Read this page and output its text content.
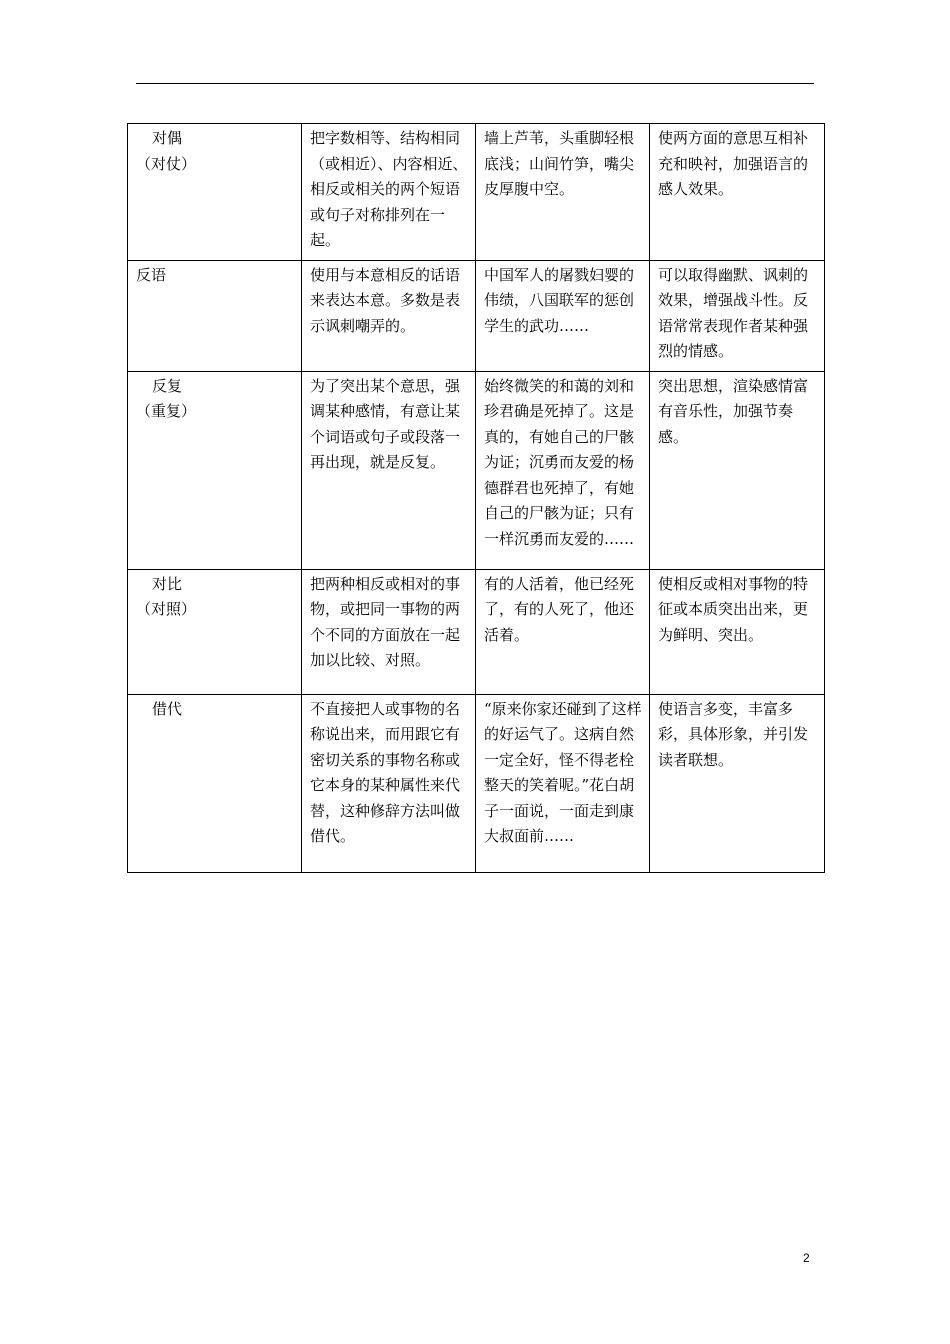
对偶
（对仗）	把字数相等、结构相同（或相近）、内容相近、相反或相关的两个短语或句子对称排列在一起。	墙上芦苇，头重脚轻根底浅；山间竹笋，嘴尖皮厚腹中空。	使两方面的意思互相补充和映衬，加强语言的感人效果。

反语	使用与本意相反的话语来表达本意。多数是表示讽刺嘲弄的。	中国军人的屠戮妇婴的伟绩，八国联军的惩创学生的武功……	可以取得幽默、讽刺的效果，增强战斗性。反语常常表现作者某种强烈的情感。

反复
（重复）	为了突出某个意思，强调某种感情，有意让某个词语或句子或段落一再出现，就是反复。	始终微笑的和蔼的刘和珍君确是死掉了。这是真的，有她自己的尸骸为证；沉勇而友爱的杨德群君也死掉了，有她自己的尸骸为证；只有一样沉勇而友爱的……	突出思想，渲染感情富有音乐性，加强节奏感。

对比
（对照）	把两种相反或相对的事物，或把同一事物的两个不同的方面放在一起加以比较、对照。	有的人活着，他已经死了，有的人死了，他还活着。	使相反或相对事物的特征或本质突出出来，更为鲜明、突出。

借代	不直接把人或事物的名称说出来，而用跟它有密切关系的事物名称或它本身的某种属性来代替，这种修辞方法叫做借代。	“原来你家还碰到了这样的好运气了。这病自然一定全好，怪不得老栓整天的笑着呢。”花白胡子一面说，一面走到康大叔面前……	使语言多变，丰富多彩，具体形象，并引发读者联想。
2
